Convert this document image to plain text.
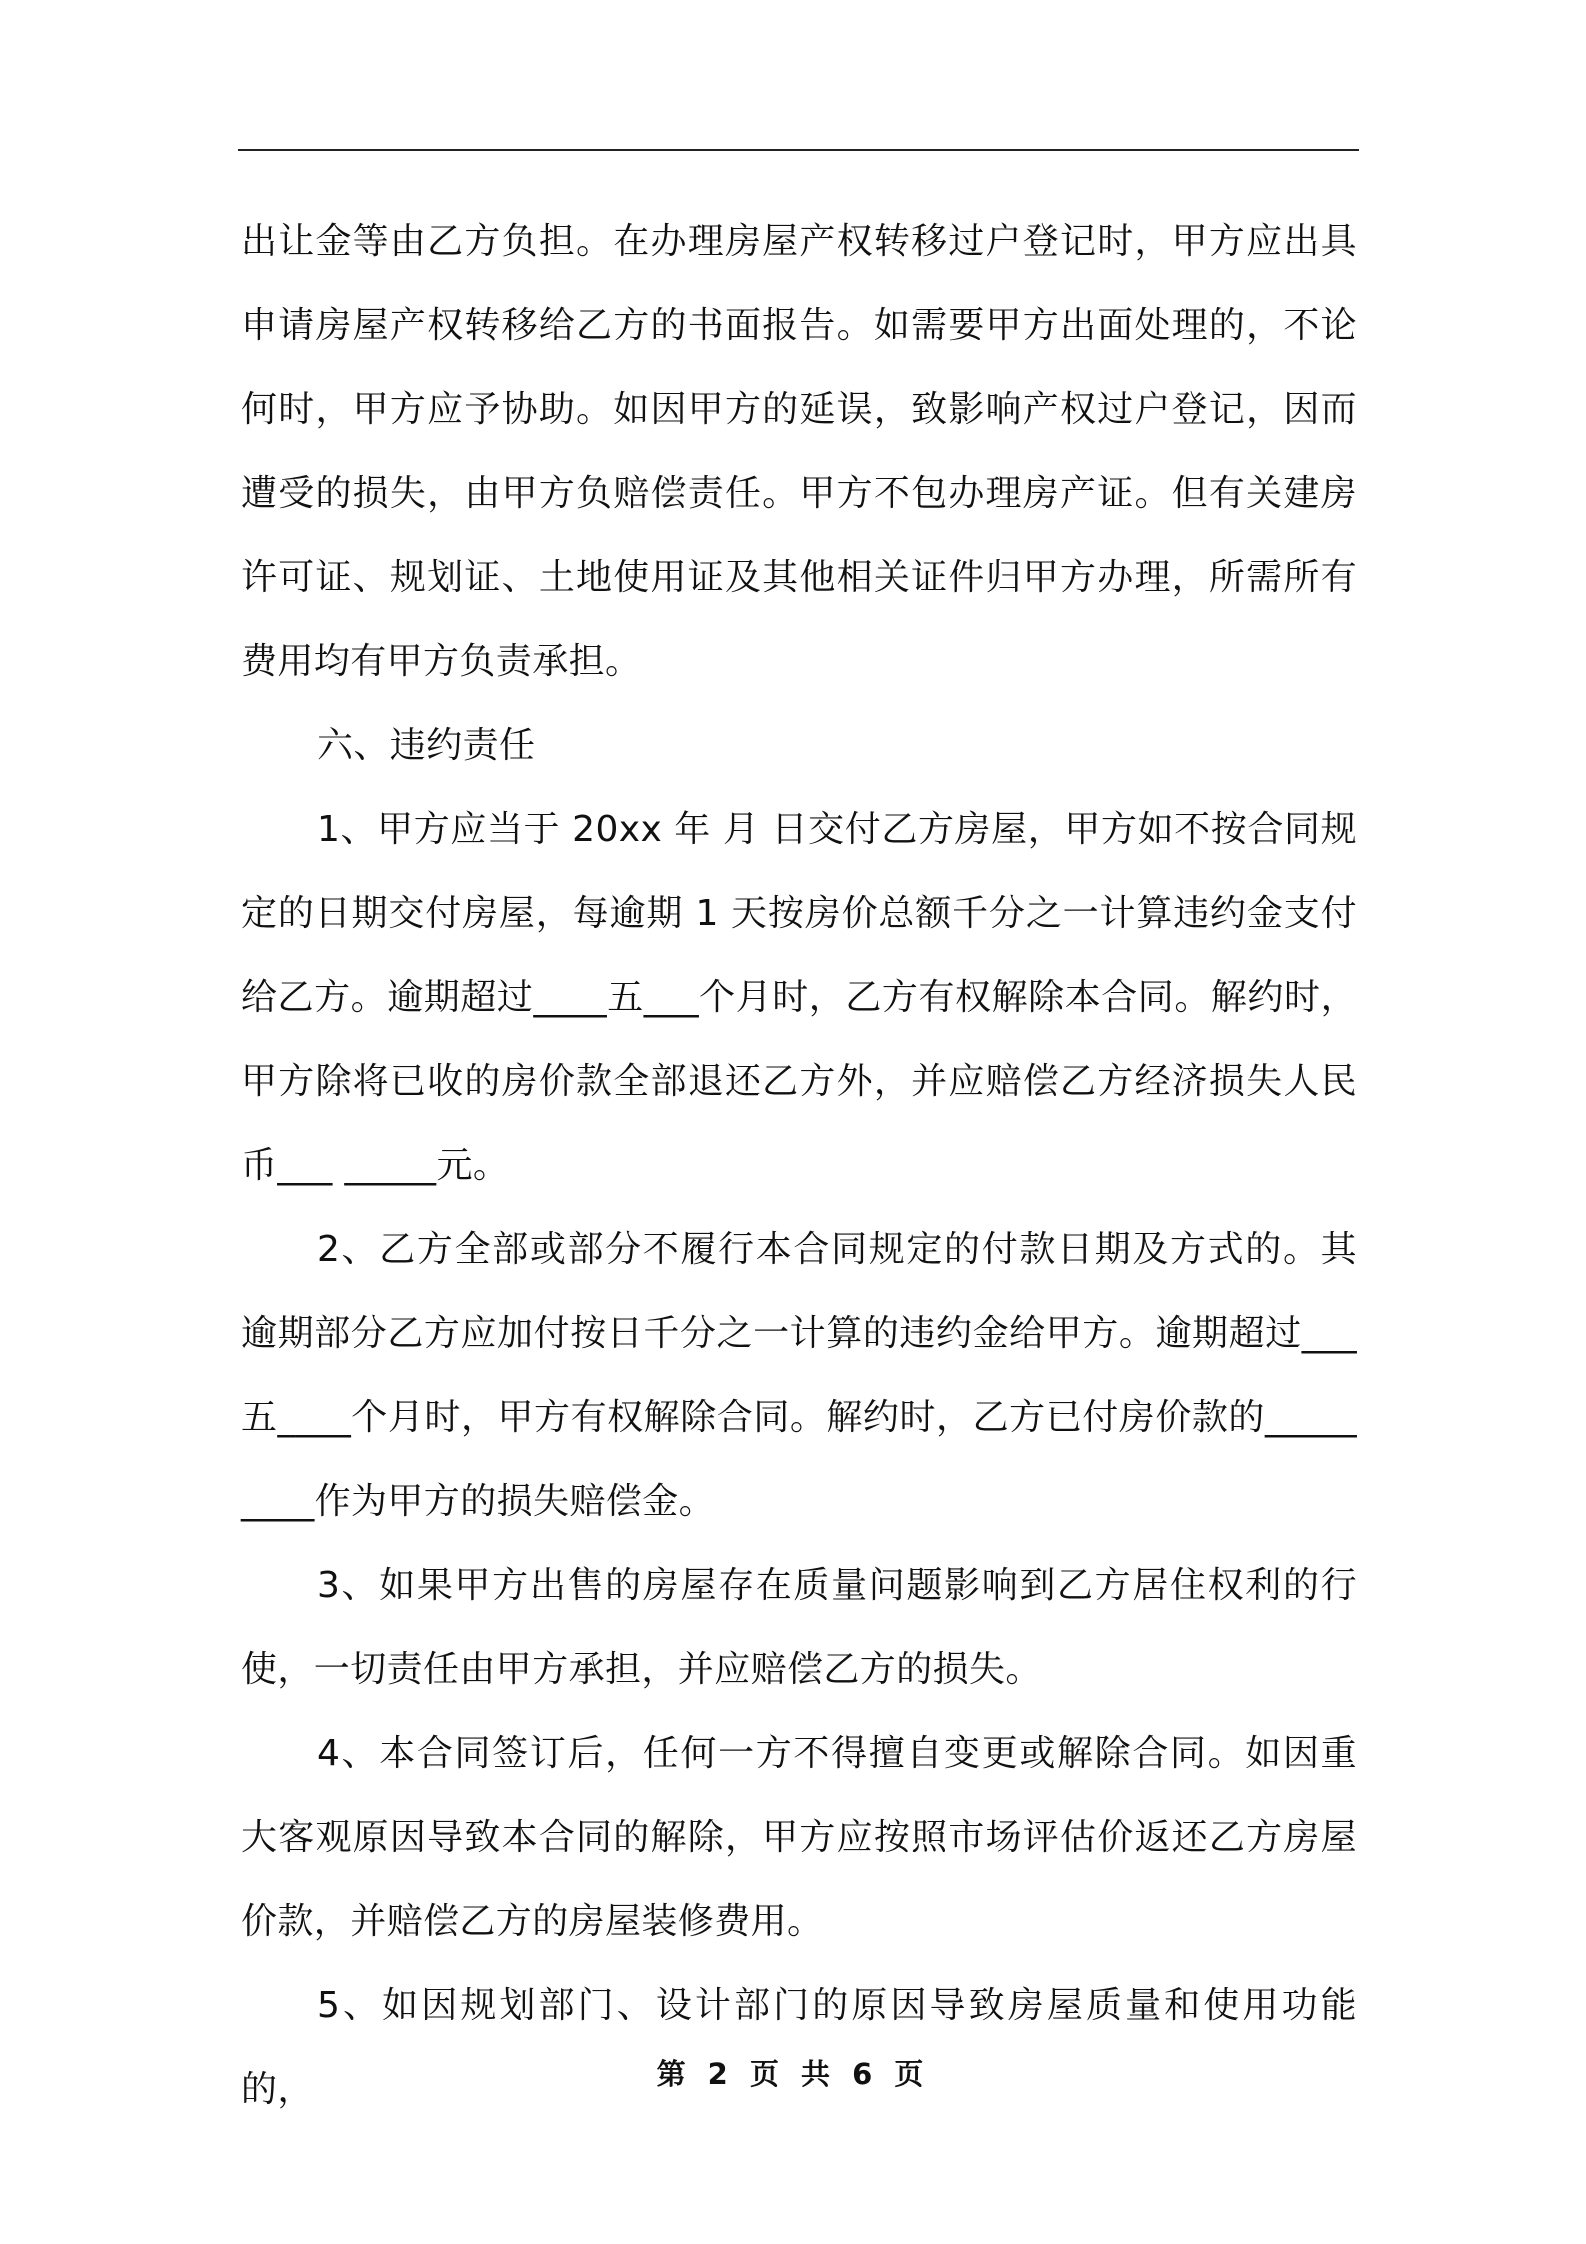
出让金等由乙方负担。在办理房屋产权转移过户登记时，甲方应出具申请房屋产权转移给乙方的书面报告。如需要甲方出面处理的，不论何时，甲方应予协助。如因甲方的延误，致影响产权过户登记，因而遭受的损失，由甲方负赔偿责任。甲方不包办理房产证。但有关建房许可证、规划证、土地使用证及其他相关证件归甲方办理，所需所有费用均有甲方负责承担。

六、违约责任

1、甲方应当于 20xx 年 月 日交付乙方房屋，甲方如不按合同规定的日期交付房屋，每逾期 1 天按房价总额千分之一计算违约金支付给乙方。逾期超过____五___个月时，乙方有权解除本合同。解约时，甲方除将已收的房价款全部退还乙方外，并应赔偿乙方经济损失人民币___ _____元。

2、乙方全部或部分不履行本合同规定的付款日期及方式的。其逾期部分乙方应加付按日千分之一计算的违约金给甲方。逾期超过___五____个月时，甲方有权解除合同。解约时，乙方已付房价款的_________作为甲方的损失赔偿金。

3、如果甲方出售的房屋存在质量问题影响到乙方居住权利的行使，一切责任由甲方承担，并应赔偿乙方的损失。

4、本合同签订后，任何一方不得擅自变更或解除合同。如因重大客观原因导致本合同的解除，甲方应按照市场评估价返还乙方房屋价款，并赔偿乙方的房屋装修费用。

5、如因规划部门、设计部门的原因导致房屋质量和使用功能的，	第 2 页 共 6 页
